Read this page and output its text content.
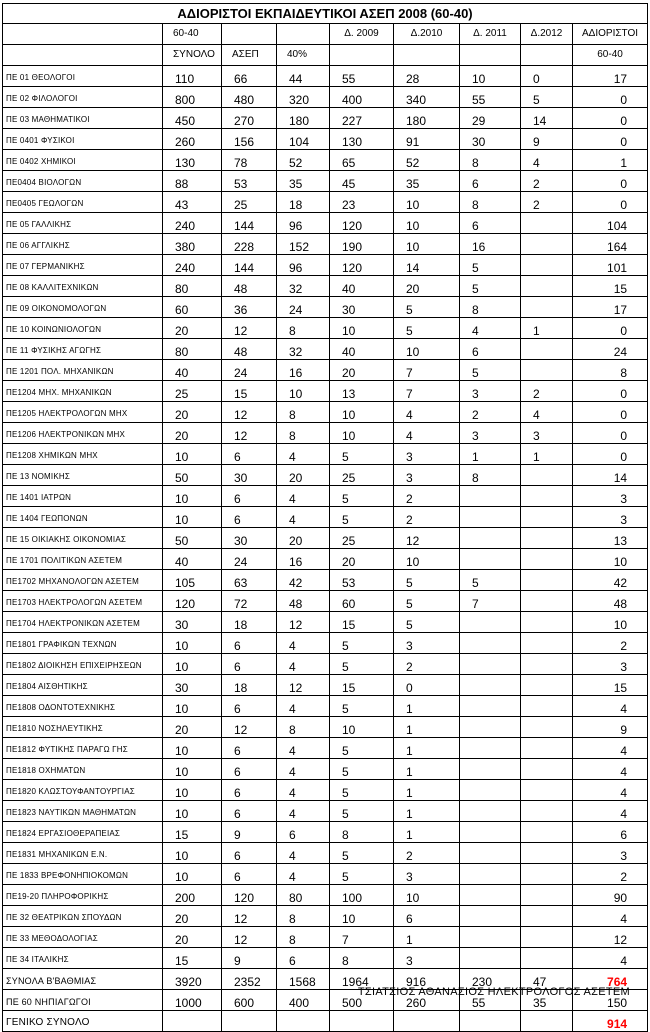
ΑΔΙΟΡΙΣΤΟΙ ΕΚΠΑΙΔΕΥΤΙΚΟΙ ΑΣΕΠ 2008 (60-40)								
	60-40			Δ. 2009	Δ.2010	Δ. 2011	Δ.2012	ΑΔΙΟΡΙΣΤΟΙ
	ΣΥΝΟΛΟ	ΑΣΕΠ	40%					60-40
ΠΕ 01 ΘΕΟΛΟΓΟΙ	110	66	44	55	28	10	0	17
ΠΕ 02 ΦΙΛΟΛΟΓΟΙ	800	480	320	400	340	55	5	0
ΠΕ 03 ΜΑΘΗΜΑΤΙΚΟΙ	450	270	180	227	180	29	14	0
ΠΕ 0401 ΦΥΣΙΚΟΙ	260	156	104	130	91	30	9	0
ΠΕ 0402 ΧΗΜΙΚΟΙ	130	78	52	65	52	8	4	1
ΠΕ0404 ΒΙΟΛΟΓΩΝ	88	53	35	45	35	6	2	0
ΠΕ0405 ΓΕΩΛΟΓΩΝ	43	25	18	23	10	8	2	0
ΠΕ 05 ΓΑΛΛΙΚΗΣ	240	144	96	120	10	6		104
ΠΕ 06 ΑΓΓΛΙΚΗΣ	380	228	152	190	10	16		164
ΠΕ 07 ΓΕΡΜΑΝΙΚΗΣ	240	144	96	120	14	5		101
ΠΕ 08 ΚΑΛΛΙΤΕΧΝΙΚΩΝ	80	48	32	40	20	5		15
ΠΕ 09 ΟΙΚΟΝΟΜΟΛΟΓΩΝ	60	36	24	30	5	8		17
ΠΕ 10 ΚΟΙΝΩΝΙΟΛΟΓΩΝ	20	12	8	10	5	4	1	0
ΠΕ 11 ΦΥΣΙΚΗΣ ΑΓΩΓΗΣ	80	48	32	40	10	6		24
ΠΕ 1201 ΠΟΛ. ΜΗΧΑΝΙΚΩΝ	40	24	16	20	7	5		8
ΠΕ1204 ΜΗΧ. ΜΗΧΑΝΙΚΩΝ	25	15	10	13	7	3	2	0
ΠΕ1205 ΗΛΕΚΤΡΟΛΟΓΩΝ ΜΗΧ	20	12	8	10	4	2	4	0
ΠΕ1206 ΗΛΕΚΤΡΟΝΙΚΩΝ ΜΗΧ	20	12	8	10	4	3	3	0
ΠΕ1208 ΧΗΜΙΚΩΝ ΜΗΧ	10	6	4	5	3	1	1	0
ΠΕ 13 ΝΟΜΙΚΗΣ	50	30	20	25	3	8		14
ΠΕ 1401 ΙΑΤΡΩΝ	10	6	4	5	2			3
ΠΕ 1404 ΓΕΩΠΟΝΩΝ	10	6	4	5	2			3
ΠΕ 15 ΟΙΚΙΑΚΗΣ ΟΙΚΟΝΟΜΙΑΣ	50	30	20	25	12			13
ΠΕ 1701 ΠΟΛΙΤΙΚΩΝ ΑΣΕΤΕΜ	40	24	16	20	10			10
ΠΕ1702 ΜΗΧΑΝΟΛΟΓΩΝ ΑΣΕΤΕΜ	105	63	42	53	5	5		42
ΠΕ1703 ΗΛΕΚΤΡΟΛΟΓΩΝ ΑΣΕΤΕΜ	120	72	48	60	5	7		48
ΠΕ1704 ΗΛΕΚΤΡΟΝΙΚΩΝ ΑΣΕΤΕΜ	30	18	12	15	5			10
ΠΕ1801 ΓΡΑΦΙΚΩΝ ΤΕΧΝΩΝ	10	6	4	5	3			2
ΠΕ1802 ΔΙΟΙΚΗΣΗ ΕΠΙΧΕΙΡΗΣΕΩΝ	10	6	4	5	2			3
ΠΕ1804 ΑΙΣΘΗΤΙΚΗΣ	30	18	12	15	0			15
ΠΕ1808 ΟΔΟΝΤΟΤΕΧΝΙΚΗΣ	10	6	4	5	1			4
ΠΕ1810 ΝΟΣΗΛΕΥΤΙΚΗΣ	20	12	8	10	1			9
ΠΕ1812 ΦΥΤΙΚΗΣ ΠΑΡΑΓΩ ΓΗΣ	10	6	4	5	1			4
ΠΕ1818 ΟΧΗΜΑΤΩΝ	10	6	4	5	1			4
ΠΕ1820 ΚΛΩΣΤΟΥΦΑΝΤΟΥΡΓΙΑΣ	10	6	4	5	1			4
ΠΕ1823 ΝΑΥΤΙΚΩΝ ΜΑΘΗΜΑΤΩΝ	10	6	4	5	1			4
ΠΕ1824 ΕΡΓΑΣΙΟΘΕΡΑΠΕΙΑΣ	15	9	6	8	1			6
ΠΕ1831 ΜΗΧΑΝΙΚΩΝ Ε.Ν.	10	6	4	5	2			3
ΠΕ 1833 ΒΡΕΦΟΝΗΠΙΟΚΟΜΩΝ	10	6	4	5	3			2
ΠΕ19-20 ΠΛΗΡΟΦΟΡΙΚΗΣ	200	120	80	100	10			90
ΠΕ 32 ΘΕΑΤΡΙΚΩΝ ΣΠΟΥΔΩΝ	20	12	8	10	6			4
ΠΕ 33 ΜΕΘΟΔΟΛΟΓΙΑΣ	20	12	8	7	1			12
ΠΕ 34 ΙΤΑΛΙΚΗΣ	15	9	6	8	3			4
ΣΥΝΟΛΑ Β'ΒΑΘΜΙΑΣ	3920	2352	1568	1964	916	230	47	764
ΠΕ 60 ΝΗΠΙΑΓΩΓΟΙ	1000	600	400	500	260	55	35	150
ΓΕΝΙΚΟ ΣΥΝΟΛΟ								914
ΤΣΙΑΤΣΙΟΣ ΑΘΑΝΑΣΙΟΣ ΗΛΕΚΤΡΟΛΟΓΟΣ ΑΣΕΤΕΜ
